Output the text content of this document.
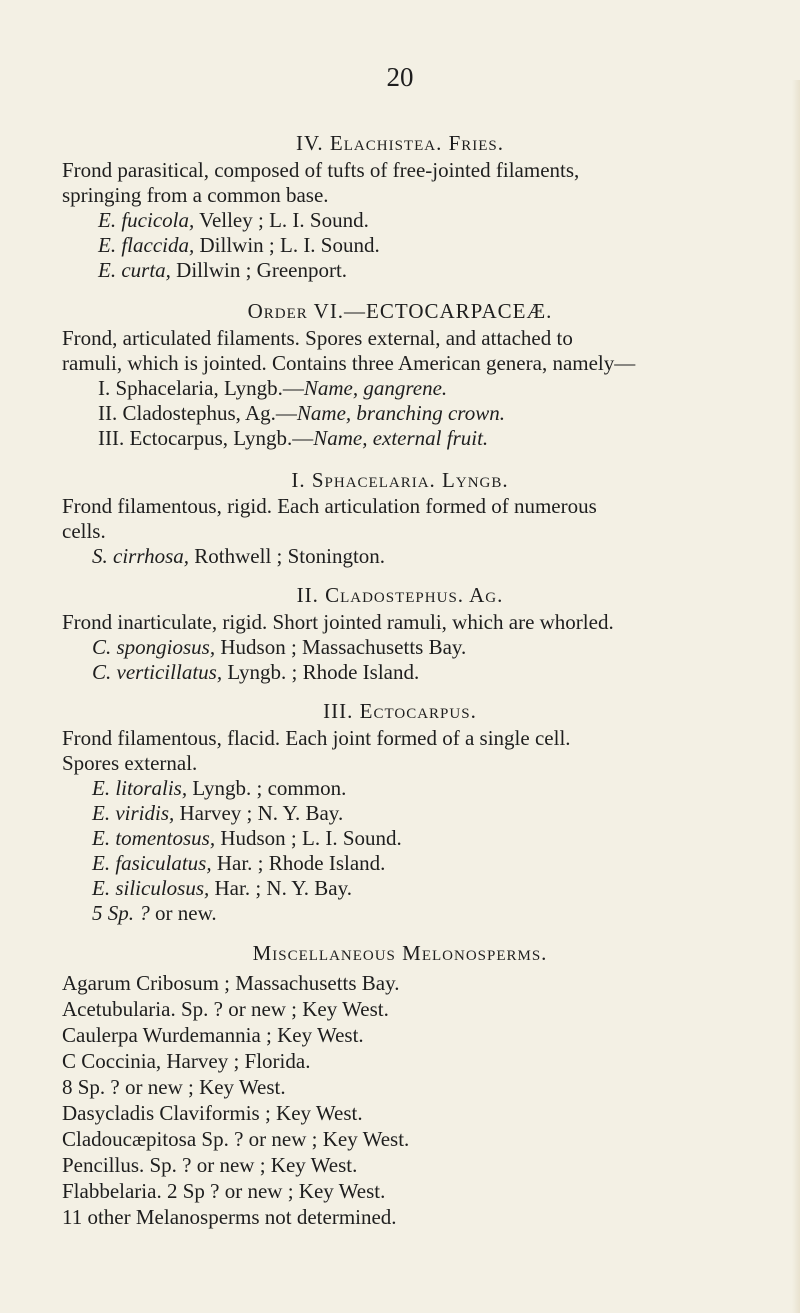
20
IV. Elachistea. Fries.
Frond parasitical, composed of tufts of free-jointed filaments,
springing from a common base.
E. fucicola, Velley ; L. I. Sound.
E. flaccida, Dillwin ; L. I. Sound.
E. curta, Dillwin ; Greenport.
Order VI.—ECTOCARPACEÆ.
Frond, articulated filaments. Spores external, and attached to
ramuli, which is jointed. Contains three American genera, namely—
I. Sphacelaria, Lyngb.—Name, gangrene.
II. Cladostephus, Ag.—Name, branching crown.
III. Ectocarpus, Lyngb.—Name, external fruit.
I. Sphacelaria. Lyngb.
Frond filamentous, rigid. Each articulation formed of numerous
cells.
S. cirrhosa, Rothwell ; Stonington.
II. Cladostephus. Ag.
Frond inarticulate, rigid. Short jointed ramuli, which are whorled.
C. spongiosus, Hudson ; Massachusetts Bay.
C. verticillatus, Lyngb. ; Rhode Island.
III. Ectocarpus.
Frond filamentous, flacid. Each joint formed of a single cell.
Spores external.
E. litoralis, Lyngb. ; common.
E. viridis, Harvey ; N. Y. Bay.
E. tomentosus, Hudson ; L. I. Sound.
E. fasiculatus, Har. ; Rhode Island.
E. siliculosus, Har. ; N. Y. Bay.
5 Sp. ? or new.
Miscellaneous Melonosperms.
Agarum Cribosum ; Massachusetts Bay.
Acetubularia. Sp. ? or new ; Key West.
Caulerpa Wurdemannia ; Key West.
C Coccinia, Harvey ; Florida.
8 Sp. ? or new ; Key West.
Dasycladis Claviformis ; Key West.
Cladoucæpitosa Sp. ? or new ; Key West.
Pencillus. Sp. ? or new ; Key West.
Flabbelaria. 2 Sp ? or new ; Key West.
11 other Melanosperms not determined.
